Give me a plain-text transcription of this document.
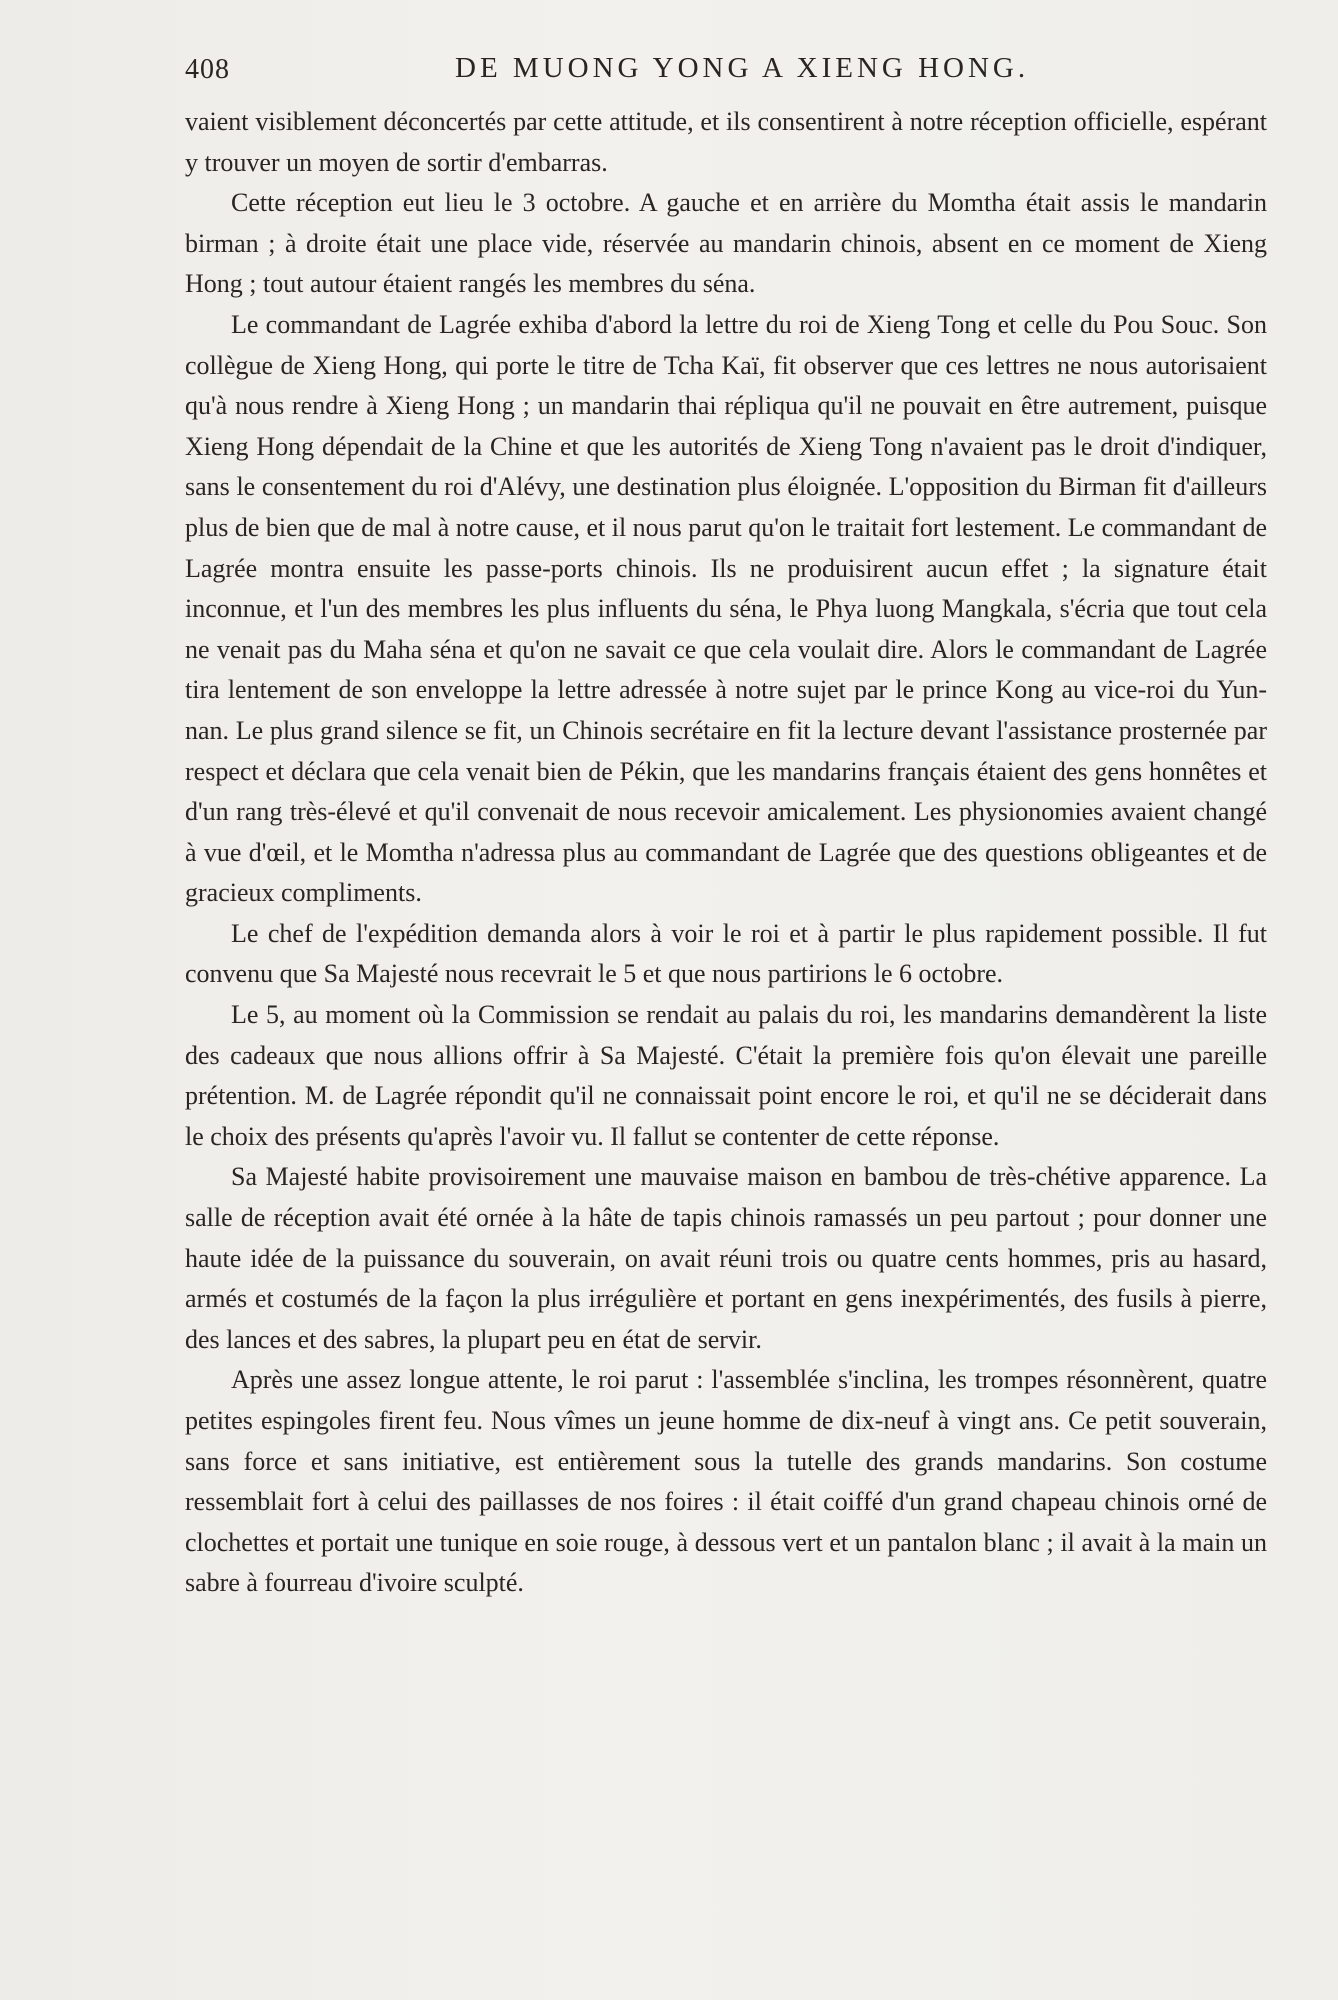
408	DE MUONG YONG A XIENG HONG.

vaient visiblement déconcertés par cette attitude, et ils consentirent à notre réception officielle, espérant y trouver un moyen de sortir d'embarras.

Cette réception eut lieu le 3 octobre. A gauche et en arrière du Momtha était assis le mandarin birman ; à droite était une place vide, réservée au mandarin chinois, absent en ce moment de Xieng Hong ; tout autour étaient rangés les membres du séna.

Le commandant de Lagrée exhiba d'abord la lettre du roi de Xieng Tong et celle du Pou Souc. Son collègue de Xieng Hong, qui porte le titre de Tcha Kaï, fit observer que ces lettres ne nous autorisaient qu'à nous rendre à Xieng Hong ; un mandarin thai répliqua qu'il ne pouvait en être autrement, puisque Xieng Hong dépendait de la Chine et que les autorités de Xieng Tong n'avaient pas le droit d'indiquer, sans le consentement du roi d'Alévy, une destination plus éloignée. L'opposition du Birman fit d'ailleurs plus de bien que de mal à notre cause, et il nous parut qu'on le traitait fort lestement. Le commandant de Lagrée montra ensuite les passe-ports chinois. Ils ne produisirent aucun effet ; la signature était inconnue, et l'un des membres les plus influents du séna, le Phya luong Mangkala, s'écria que tout cela ne venait pas du Maha séna et qu'on ne savait ce que cela voulait dire. Alors le commandant de Lagrée tira lentement de son enveloppe la lettre adressée à notre sujet par le prince Kong au vice-roi du Yun-nan. Le plus grand silence se fit, un Chinois secrétaire en fit la lecture devant l'assistance prosternée par respect et déclara que cela venait bien de Pékin, que les mandarins français étaient des gens honnêtes et d'un rang très-élevé et qu'il convenait de nous recevoir amicalement. Les physionomies avaient changé à vue d'œil, et le Momtha n'adressa plus au commandant de Lagrée que des questions obligeantes et de gracieux compliments.

Le chef de l'expédition demanda alors à voir le roi et à partir le plus rapidement possible. Il fut convenu que Sa Majesté nous recevrait le 5 et que nous partirions le 6 octobre.

Le 5, au moment où la Commission se rendait au palais du roi, les mandarins demandèrent la liste des cadeaux que nous allions offrir à Sa Majesté. C'était la première fois qu'on élevait une pareille prétention. M. de Lagrée répondit qu'il ne connaissait point encore le roi, et qu'il ne se déciderait dans le choix des présents qu'après l'avoir vu. Il fallut se contenter de cette réponse.

Sa Majesté habite provisoirement une mauvaise maison en bambou de très-chétive apparence. La salle de réception avait été ornée à la hâte de tapis chinois ramassés un peu partout ; pour donner une haute idée de la puissance du souverain, on avait réuni trois ou quatre cents hommes, pris au hasard, armés et costumés de la façon la plus irrégulière et portant en gens inexpérimentés, des fusils à pierre, des lances et des sabres, la plupart peu en état de servir.

Après une assez longue attente, le roi parut : l'assemblée s'inclina, les trompes résonnèrent, quatre petites espingoles firent feu. Nous vîmes un jeune homme de dix-neuf à vingt ans. Ce petit souverain, sans force et sans initiative, est entièrement sous la tutelle des grands mandarins. Son costume ressemblait fort à celui des paillasses de nos foires : il était coiffé d'un grand chapeau chinois orné de clochettes et portait une tunique en soie rouge, à dessous vert et un pantalon blanc ; il avait à la main un sabre à fourreau d'ivoire sculpté.
